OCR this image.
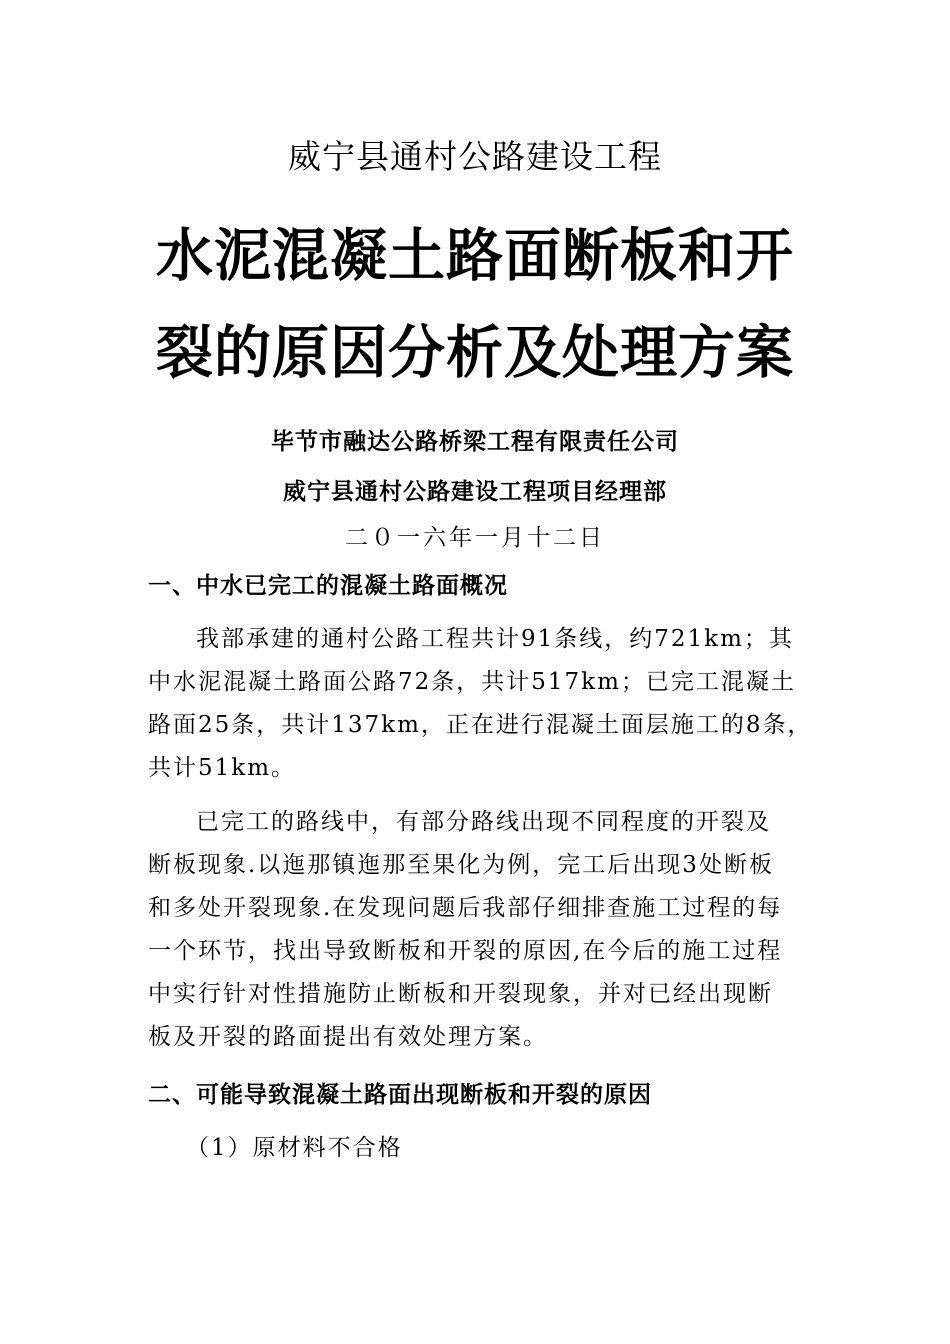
威宁县通村公路建设工程
水泥混凝土路面断板和开
裂的原因分析及处理方案
毕节市融达公路桥梁工程有限责任公司
威宁县通村公路建设工程项目经理部
二０一六年一月十二日
一、中水已完工的混凝土路面概况
我部承建的通村公路工程共计91条线，约721km；其
中水泥混凝土路面公路72条，共计517km；已完工混凝土
路面25条，共计137km，正在进行混凝土面层施工的8条，
共计51km。
已完工的路线中，有部分路线出现不同程度的开裂及
断板现象.以迤那镇迤那至果化为例，完工后出现3处断板
和多处开裂现象.在发现问题后我部仔细排查施工过程的每
一个环节，找出导致断板和开裂的原因,在今后的施工过程
中实行针对性措施防止断板和开裂现象，并对已经出现断
板及开裂的路面提出有效处理方案。
二、可能导致混凝土路面出现断板和开裂的原因
（1）原材料不合格
